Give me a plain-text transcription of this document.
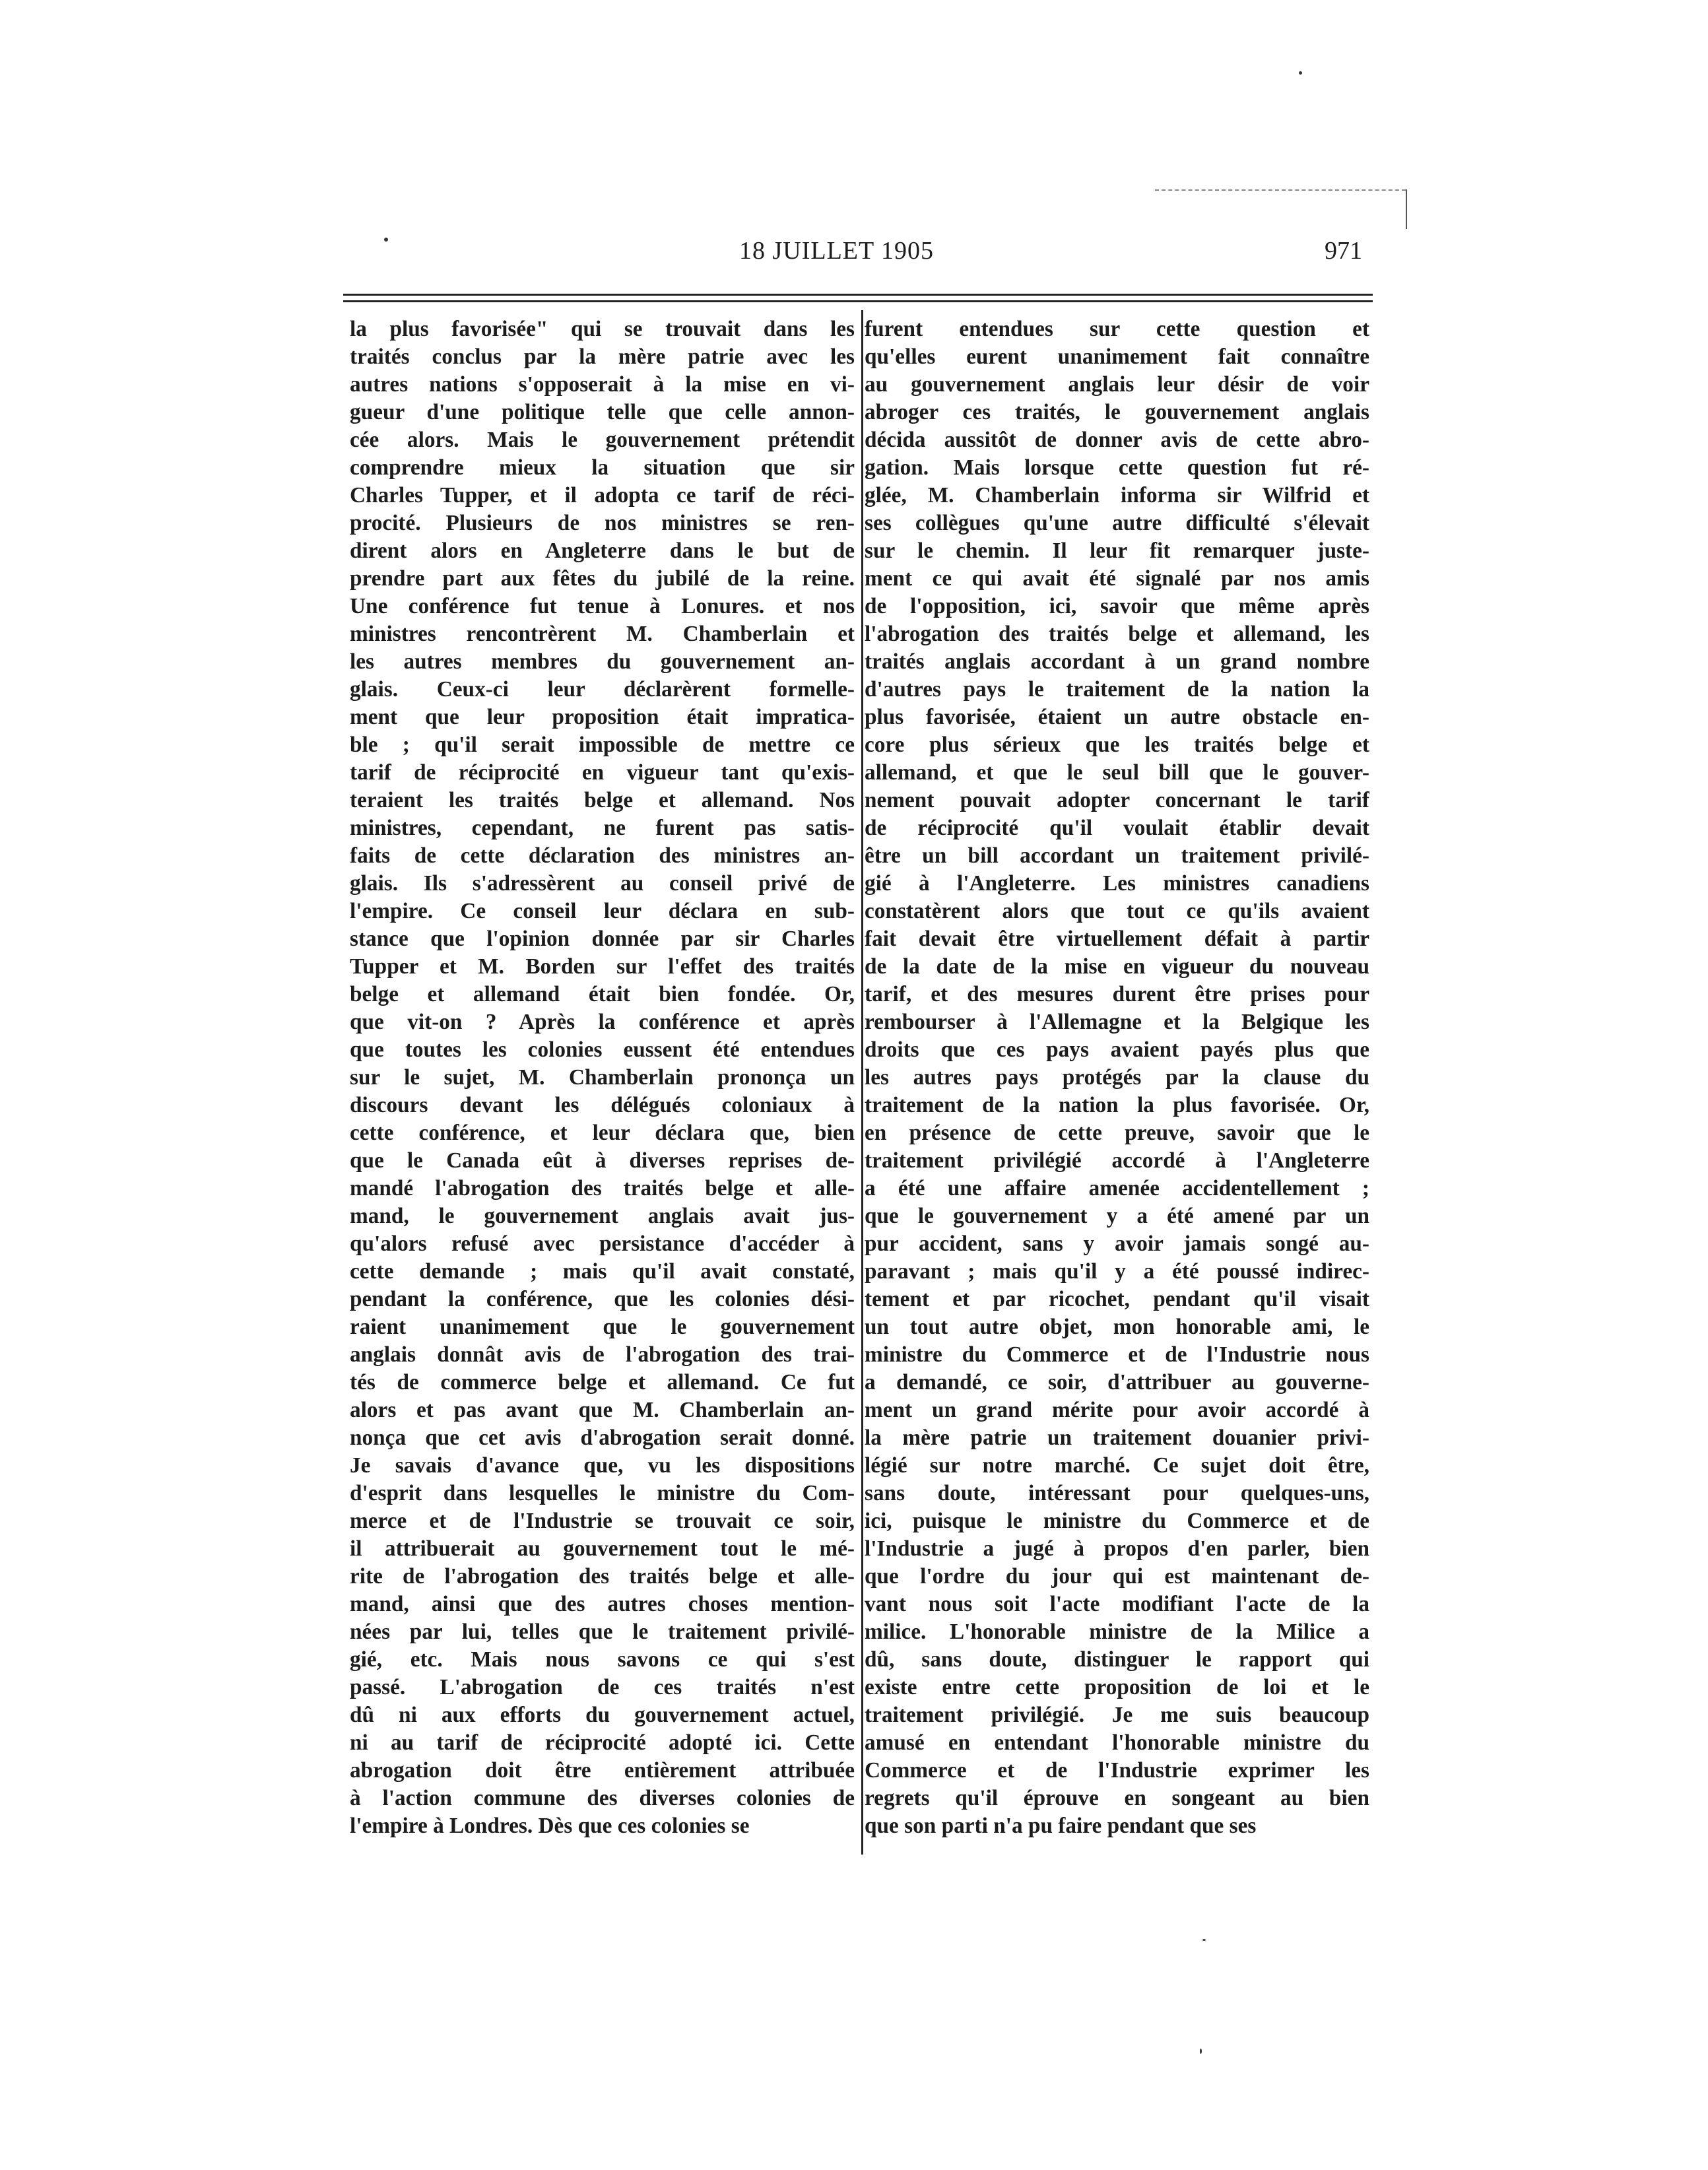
18 JUILLET 1905	971
la plus favorisée" qui se trouvait dans les
traités conclus par la mère patrie avec les
autres nations s'opposerait à la mise en vi-
gueur d'une politique telle que celle annon-
cée alors. Mais le gouvernement prétendit
comprendre mieux la situation que sir
Charles Tupper, et il adopta ce tarif de réci-
procité. Plusieurs de nos ministres se ren-
dirent alors en Angleterre dans le but de
prendre part aux fêtes du jubilé de la reine.
Une conférence fut tenue à Lonures. et nos
ministres rencontrèrent M. Chamberlain et
les autres membres du gouvernement an-
glais. Ceux-ci leur déclarèrent formelle-
ment que leur proposition était impratica-
ble ; qu'il serait impossible de mettre ce
tarif de réciprocité en vigueur tant qu'exis-
teraient les traités belge et allemand. Nos
ministres, cependant, ne furent pas satis-
faits de cette déclaration des ministres an-
glais. Ils s'adressèrent au conseil privé de
l'empire. Ce conseil leur déclara en sub-
stance que l'opinion donnée par sir Charles
Tupper et M. Borden sur l'effet des traités
belge et allemand était bien fondée. Or,
que vit-on ? Après la conférence et après
que toutes les colonies eussent été entendues
sur le sujet, M. Chamberlain prononça un
discours devant les délégués coloniaux à
cette conférence, et leur déclara que, bien
que le Canada eût à diverses reprises de-
mandé l'abrogation des traités belge et alle-
mand, le gouvernement anglais avait jus-
qu'alors refusé avec persistance d'accéder à
cette demande ; mais qu'il avait constaté,
pendant la conférence, que les colonies dési-
raient unanimement que le gouvernement
anglais donnât avis de l'abrogation des trai-
tés de commerce belge et allemand. Ce fut
alors et pas avant que M. Chamberlain an-
nonça que cet avis d'abrogation serait donné.
Je savais d'avance que, vu les dispositions
d'esprit dans lesquelles le ministre du Com-
merce et de l'Industrie se trouvait ce soir,
il attribuerait au gouvernement tout le mé-
rite de l'abrogation des traités belge et alle-
mand, ainsi que des autres choses mention-
nées par lui, telles que le traitement privilé-
gié, etc. Mais nous savons ce qui s'est
passé. L'abrogation de ces traités n'est
dû ni aux efforts du gouvernement actuel,
ni au tarif de réciprocité adopté ici. Cette
abrogation doit être entièrement attribuée
à l'action commune des diverses colonies de
l'empire à Londres. Dès que ces colonies se
furent entendues sur cette question et
qu'elles eurent unanimement fait connaître
au gouvernement anglais leur désir de voir
abroger ces traités, le gouvernement anglais
décida aussitôt de donner avis de cette abro-
gation. Mais lorsque cette question fut ré-
glée, M. Chamberlain informa sir Wilfrid et
ses collègues qu'une autre difficulté s'élevait
sur le chemin. Il leur fit remarquer juste-
ment ce qui avait été signalé par nos amis
de l'opposition, ici, savoir que même après
l'abrogation des traités belge et allemand, les
traités anglais accordant à un grand nombre
d'autres pays le traitement de la nation la
plus favorisée, étaient un autre obstacle en-
core plus sérieux que les traités belge et
allemand, et que le seul bill que le gouver-
nement pouvait adopter concernant le tarif
de réciprocité qu'il voulait établir devait
être un bill accordant un traitement privilé-
gié à l'Angleterre. Les ministres canadiens
constatèrent alors que tout ce qu'ils avaient
fait devait être virtuellement défait à partir
de la date de la mise en vigueur du nouveau
tarif, et des mesures durent être prises pour
rembourser à l'Allemagne et la Belgique les
droits que ces pays avaient payés plus que
les autres pays protégés par la clause du
traitement de la nation la plus favorisée. Or,
en présence de cette preuve, savoir que le
traitement privilégié accordé à l'Angleterre
a été une affaire amenée accidentellement ;
que le gouvernement y a été amené par un
pur accident, sans y avoir jamais songé au-
paravant ; mais qu'il y a été poussé indirec-
tement et par ricochet, pendant qu'il visait
un tout autre objet, mon honorable ami, le
ministre du Commerce et de l'Industrie nous
a demandé, ce soir, d'attribuer au gouverne-
ment un grand mérite pour avoir accordé à
la mère patrie un traitement douanier privi-
légié sur notre marché. Ce sujet doit être,
sans doute, intéressant pour quelques-uns,
ici, puisque le ministre du Commerce et de
l'Industrie a jugé à propos d'en parler, bien
que l'ordre du jour qui est maintenant de-
vant nous soit l'acte modifiant l'acte de la
milice. L'honorable ministre de la Milice a
dû, sans doute, distinguer le rapport qui
existe entre cette proposition de loi et le
traitement privilégié. Je me suis beaucoup
amusé en entendant l'honorable ministre du
Commerce et de l'Industrie exprimer les
regrets qu'il éprouve en songeant au bien
que son parti n'a pu faire pendant que ses
